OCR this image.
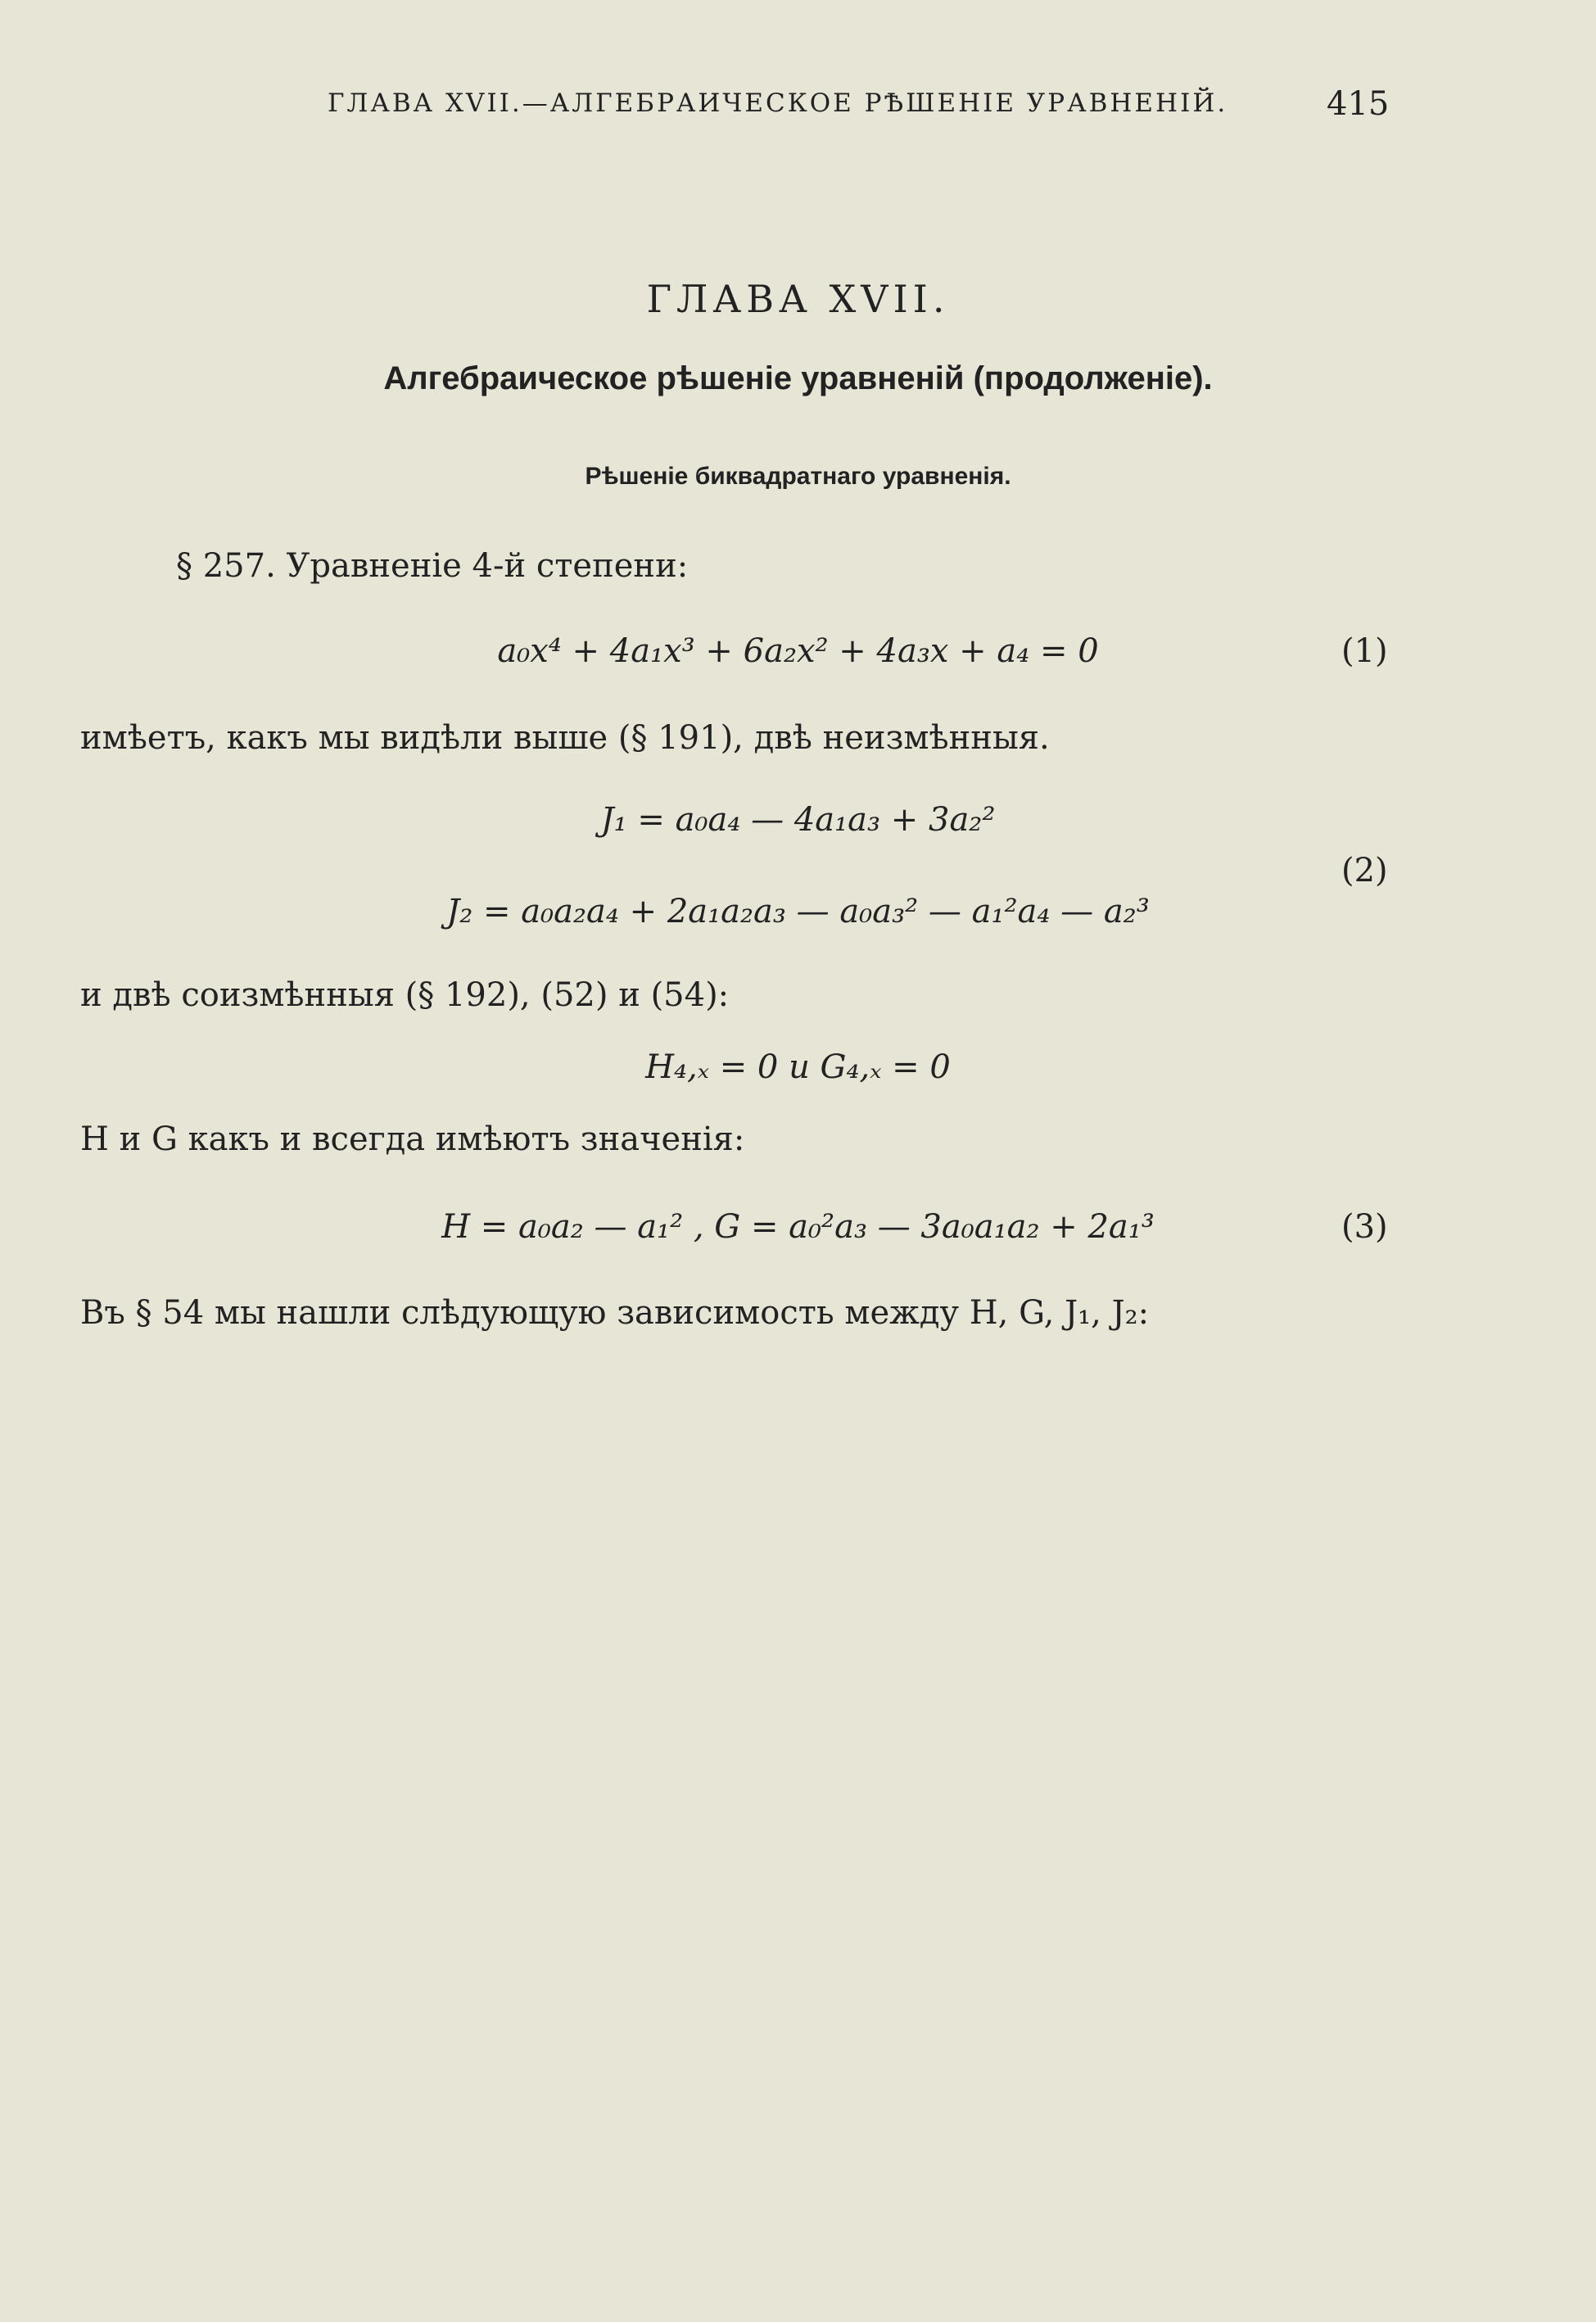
ГЛАВА XVII.—АЛГЕБРАИЧЕСКОЕ РѢШЕНІЕ УРАВНЕНІЙ.	415
ГЛАВА XVII.
Алгебраическое рѣшеніе уравненій (продолженіе).
Рѣшеніе биквадратнаго уравненія.
§ 257. Уравненіе 4-й степени:
a₀x⁴ + 4a₁x³ + 6a₂x² + 4a₃x + a₄ = 0	(1)
имѣетъ, какъ мы видѣли выше (§ 191), двѣ неизмѣнныя.
J₁ = a₀a₄ — 4a₁a₃ + 3a₂²
J₂ = a₀a₂a₄ + 2a₁a₂a₃ — a₀a₃² — a₁²a₄ — a₂³
(2)
и двѣ соизмѣнныя (§ 192), (52) и (54):
H₄,ₓ = 0 и G₄,ₓ = 0
H и G какъ и всегда имѣютъ значенія:
H = a₀a₂ — a₁² , G = a₀²a₃ — 3a₀a₁a₂ + 2a₁³	(3)
Въ § 54 мы нашли слѣдующую зависимость между H, G, J₁, J₂:
